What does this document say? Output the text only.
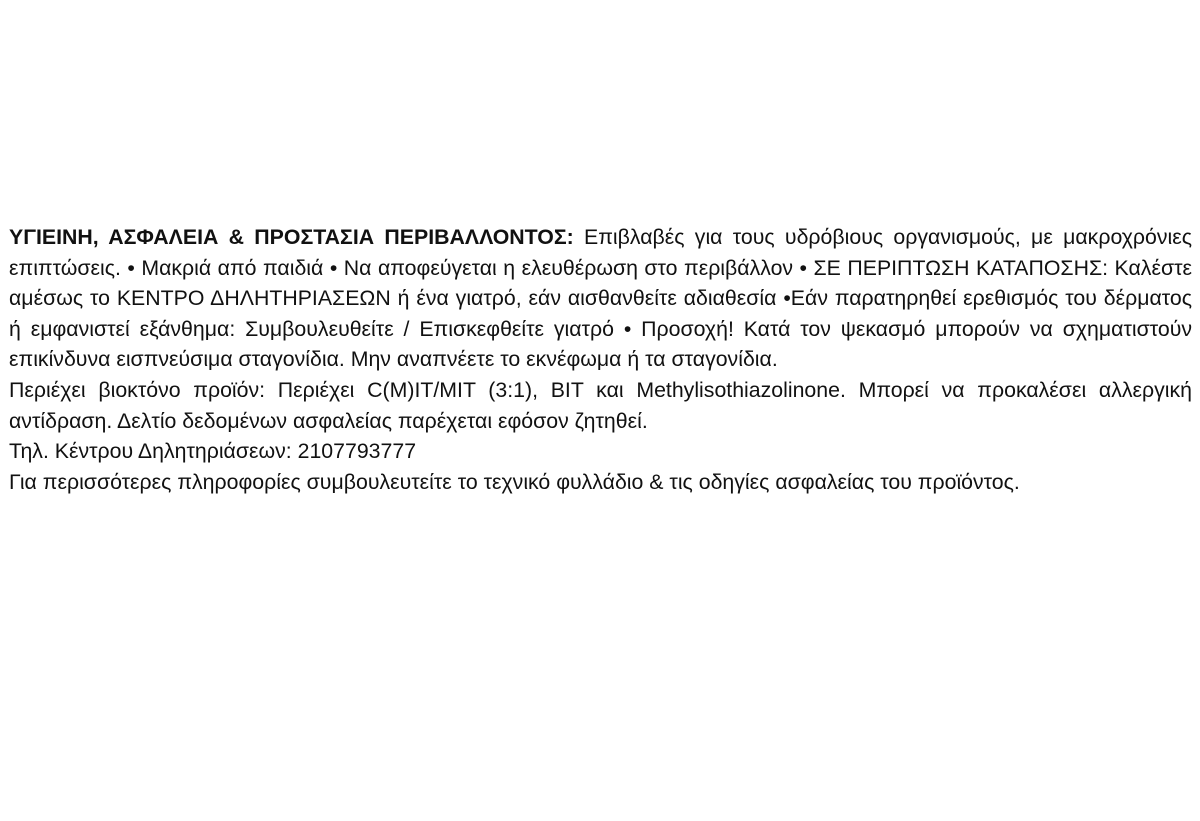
ΥΓΙΕΙΝΗ, ΑΣΦΑΛΕΙΑ & ΠΡΟΣΤΑΣΙΑ ΠΕΡΙΒΑΛΛΟΝΤΟΣ: Επιβλαβές για τους υδρόβιους οργανισμούς, με μακροχρόνιες επιπτώσεις. • Μακριά από παιδιά • Να αποφεύγεται η ελευθέρωση στο περιβάλλον • ΣΕ ΠΕΡΙΠΤΩΣΗ ΚΑΤΑΠΟΣΗΣ: Καλέστε αμέσως το ΚΕΝΤΡΟ ΔΗΛΗΤΗΡΙΑΣΕΩΝ ή ένα γιατρό, εάν αισθανθείτε αδιαθεσία •Εάν παρατηρηθεί ερεθισμός του δέρματος ή εμφανιστεί εξάνθημα: Συμβουλευθείτε / Επισκεφθείτε γιατρό • Προσοχή! Κατά τον ψεκασμό μπορούν να σχηματιστούν επικίνδυνα εισπνεύσιμα σταγονίδια. Μην αναπνέετε το εκνέφωμα ή τα σταγονίδια.

Περιέχει βιοκτόνο προϊόν: Περιέχει C(M)IT/MIT (3:1), BIT και Methylisothiazolinone. Μπορεί να προκαλέσει αλλεργική αντίδραση. Δελτίο δεδομένων ασφαλείας παρέχεται εφόσον ζητηθεί.

Τηλ. Κέντρου Δηλητηριάσεων: 2107793777

Για περισσότερες πληροφορίες συμβουλευτείτε το τεχνικό φυλλάδιο & τις οδηγίες ασφαλείας του προϊόντος.
